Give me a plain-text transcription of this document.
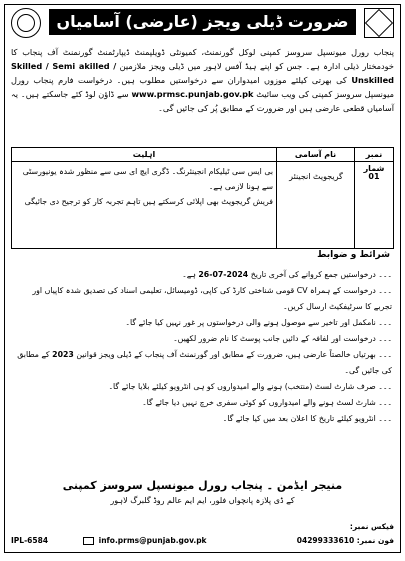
ضرورت ڈیلی ویجز (عارضی) آسامیاں
پنجاب رورل میونسپل سروسز کمپنی لوکل گورنمنٹ، کمیونٹی ڈویلپمنٹ ڈیپارٹمنٹ گورنمنٹ آف پنجاب کا خودمختار ذیلی ادارہ ہے۔ جس کو اپنے ہیڈ آفس لاہور میں ڈیلی ویجز ملازمین Skilled / Semi akilled / Unskilled کی بھرتی کیلئے موزوں امیدواران سے درخواستیں مطلوب ہیں۔ درخواست فارم پنجاب رورل میونسپل سروسز کمپنی کی ویب سائیٹ www.prmsc.punjab.gov.pk سے ڈاؤن لوڈ کئے جاسکتے ہیں۔ یہ آسامیاں قطعی عارضی ہیں اور ضرورت کے مطابق پُر کی جائیں گی۔
نمبر شمار
نام آسامی
اہلیت
01
گریجویٹ انجینئر
بی ایس سی ٹیلیکام انجینئرنگ۔ ڈگری ایچ ای سی سے منظور شدہ یونیورسٹی سے ہونا لازمی ہے۔
فریش گریجویٹ بھی اپلائی کرسکتے ہیں تاہم تجربہ کار کو ترجیح دی جائیگی
شرائط و ضوابط
۔۔۔ درخواستیں جمع کروانے کی آخری تاریخ 26-07-2024 ہے۔
۔۔۔ درخواست کے ہمراہ CV قومی شناختی کارڈ کی کاپی، ڈومیسائل، تعلیمی اسناد کی تصدیق شدہ کاپیاں اور تجربے کا سرٹیفکیٹ ارسال کریں۔
۔۔۔ نامکمل اور تاخیر سے موصول ہونے والی درخواستوں پر غور نہیں کیا جائے گا۔
۔۔۔ درخواست اور لفافہ کے دائیں جانب پوسٹ کا نام ضرور لکھیں۔
۔۔۔ بھرتیاں خالصتاً عارضی ہیں، ضرورت کے مطابق اور گورنمنٹ آف پنجاب کے ڈیلی ویجز قوانین 2023 کے مطابق کی جائیں گی۔
۔۔۔ صرف شارٹ لسٹ (منتخب) ہونے والے امیدواروں کو ہی انٹرویو کیلئے بلایا جائے گا۔
۔۔۔ شارٹ لسٹ ہونے والے امیدواروں کو کوئی سفری خرچ نہیں دیا جائے گا۔
۔۔۔ انٹرویو کیلئے تاریخ کا اعلان بعد میں کیا جائے گا۔
منیجر ایڈمن ۔ پنجاب رورل میونسپل سروسز کمپنی
کے ڈی پلازہ پانچواں فلور، ایم ایم عالم روڈ گلبرگ لاہور
IPL-6584	info.prms@punjab.gov.pk
فیکس نمبر:
فون نمبر: 04299333610
